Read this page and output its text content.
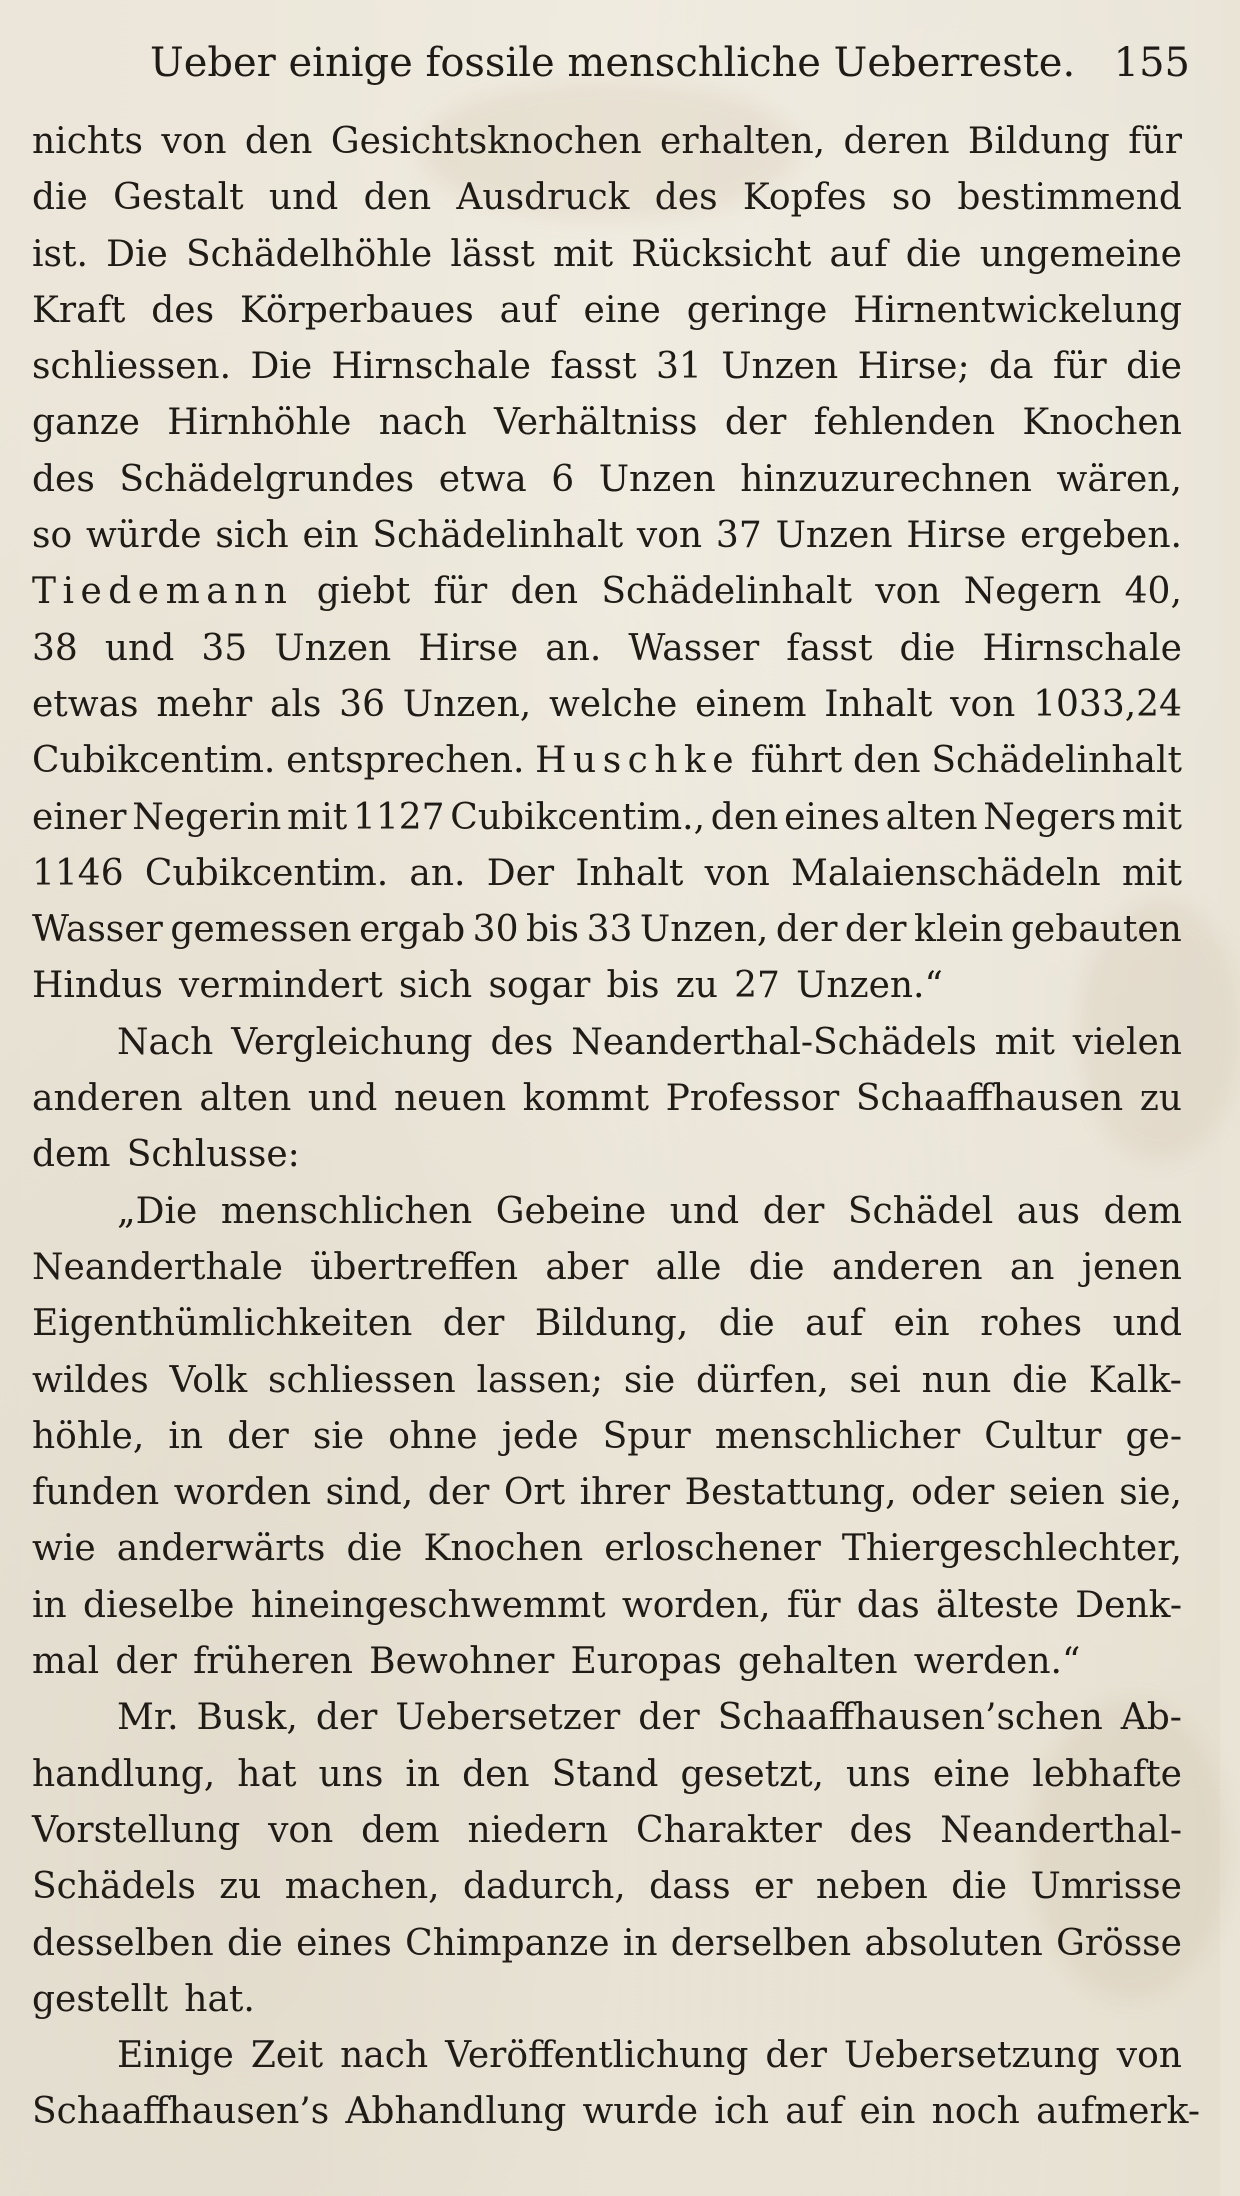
Ueber einige fossile menschliche Ueberreste. 155
nichts von den Gesichtsknochen erhalten, deren Bildung für
die Gestalt und den Ausdruck des Kopfes so bestimmend
ist. Die Schädelhöhle lässt mit Rücksicht auf die ungemeine
Kraft des Körperbaues auf eine geringe Hirnentwickelung
schliessen. Die Hirnschale fasst 31 Unzen Hirse; da für die
ganze Hirnhöhle nach Verhältniss der fehlenden Knochen
des Schädelgrundes etwa 6 Unzen hinzuzurechnen wären,
so würde sich ein Schädelinhalt von 37 Unzen Hirse ergeben.
Tiedemann giebt für den Schädelinhalt von Negern 40,
38 und 35 Unzen Hirse an. Wasser fasst die Hirnschale
etwas mehr als 36 Unzen, welche einem Inhalt von 1033,24
Cubikcentim. entsprechen. Huschke führt den Schädelinhalt
einer Negerin mit 1127 Cubikcentim., den eines alten Negers mit
1146 Cubikcentim. an. Der Inhalt von Malaienschädeln mit
Wasser gemessen ergab 30 bis 33 Unzen, der der klein gebauten
Hindus vermindert sich sogar bis zu 27 Unzen.“
Nach Vergleichung des Neanderthal-Schädels mit vielen
anderen alten und neuen kommt Professor Schaaffhausen zu
dem Schlusse:
„Die menschlichen Gebeine und der Schädel aus dem
Neanderthale übertreffen aber alle die anderen an jenen
Eigenthümlichkeiten der Bildung, die auf ein rohes und
wildes Volk schliessen lassen; sie dürfen, sei nun die Kalk-
höhle, in der sie ohne jede Spur menschlicher Cultur ge-
funden worden sind, der Ort ihrer Bestattung, oder seien sie,
wie anderwärts die Knochen erloschener Thiergeschlechter,
in dieselbe hineingeschwemmt worden, für das älteste Denk-
mal der früheren Bewohner Europas gehalten werden.“
Mr. Busk, der Uebersetzer der Schaaffhausen’schen Ab-
handlung, hat uns in den Stand gesetzt, uns eine lebhafte
Vorstellung von dem niedern Charakter des Neanderthal-
Schädels zu machen, dadurch, dass er neben die Umrisse
desselben die eines Chimpanze in derselben absoluten Grösse
gestellt hat.
Einige Zeit nach Veröffentlichung der Uebersetzung von
Schaaffhausen’s Abhandlung wurde ich auf ein noch aufmerk-
